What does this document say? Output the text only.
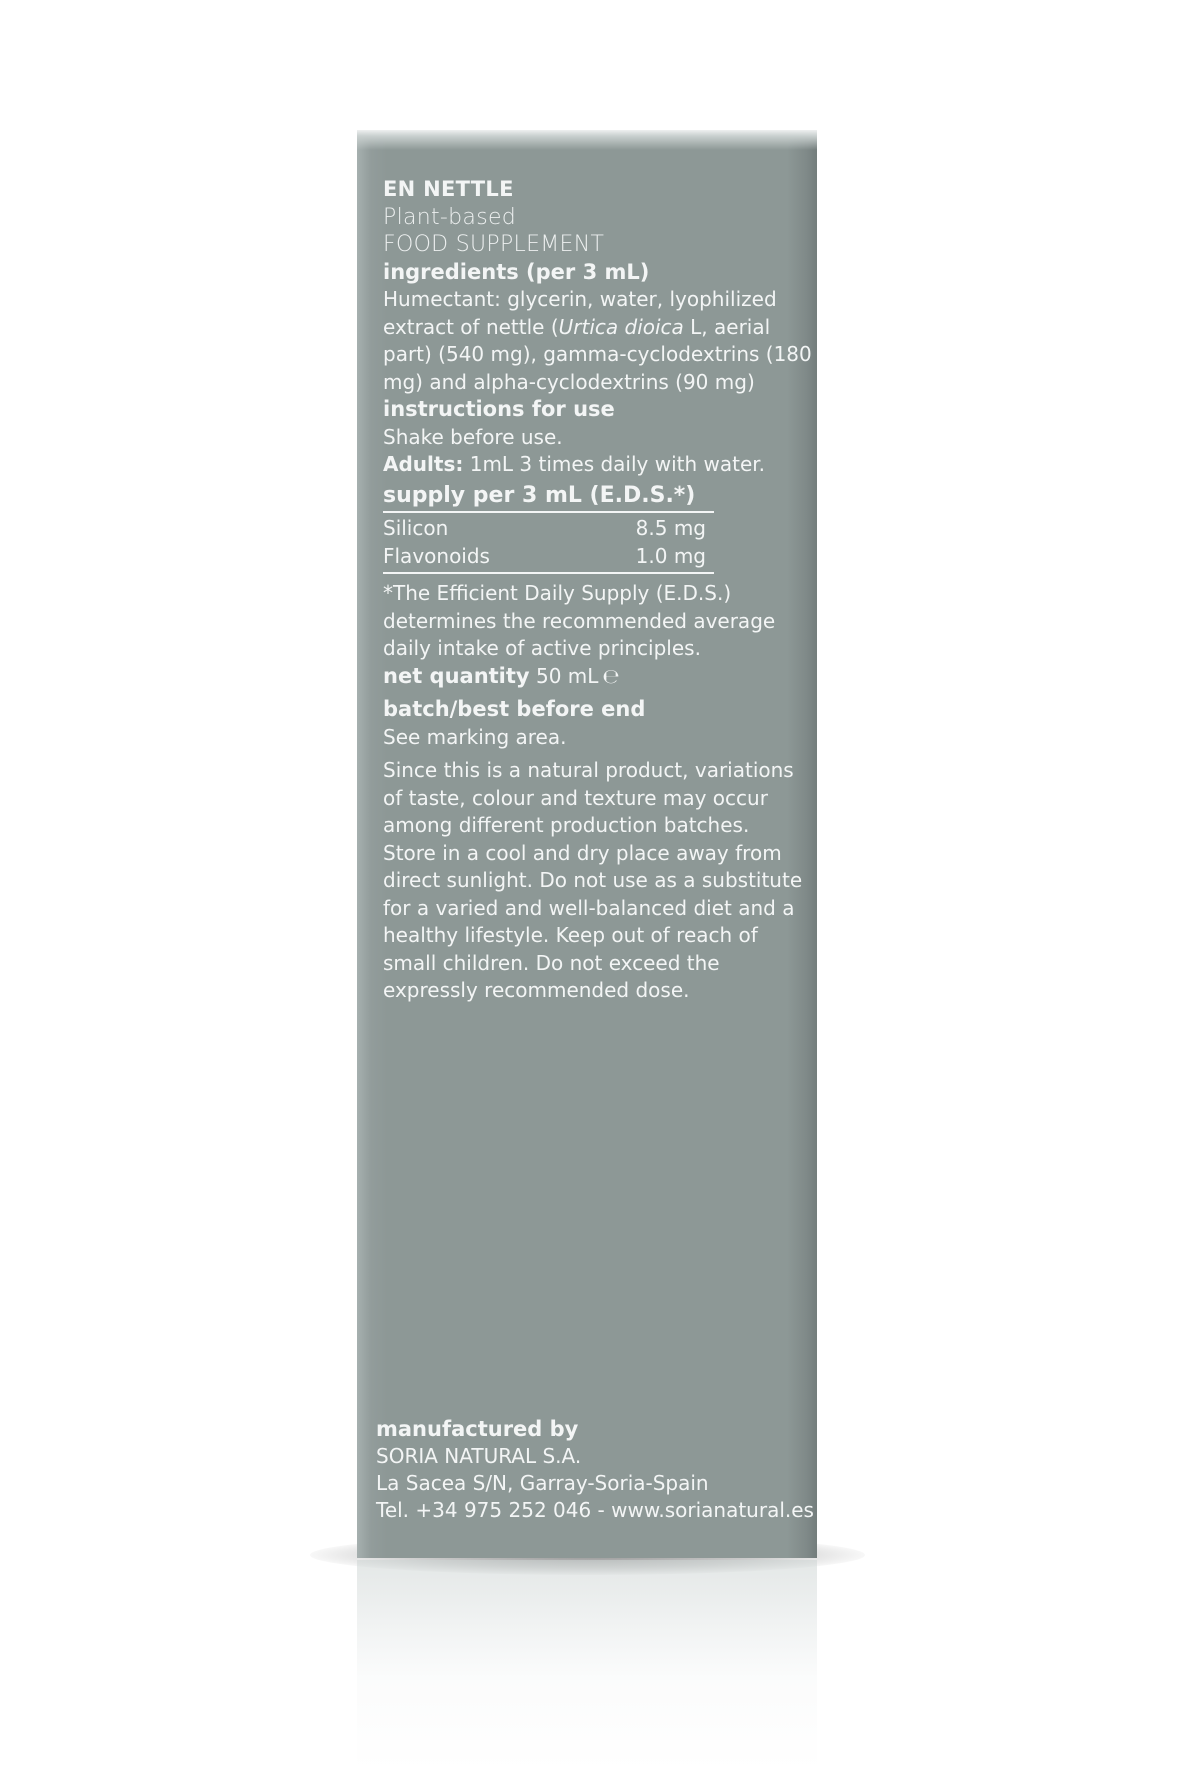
EN NETTLE
Plant-based
FOOD SUPPLEMENT
ingredients (per 3 mL)
Humectant: glycerin, water, lyophilized
extract of nettle (Urtica dioica L, aerial
part) (540 mg), gamma-cyclodextrins (180
mg) and alpha-cyclodextrins (90 mg)
instructions for use
Shake before use.
Adults: 1mL 3 times daily with water.
supply per 3 mL (E.D.S.*)
Silicon	8.5 mg
Flavonoids	1.0 mg
*The Efficient Daily Supply (E.D.S.)
determines the recommended average
daily intake of active principles.
net quantity 50 mL ℮
batch/best before end
See marking area.
Since this is a natural product, variations
of taste, colour and texture may occur
among different production batches.
Store in a cool and dry place away from
direct sunlight. Do not use as a substitute
for a varied and well-balanced diet and a
healthy lifestyle. Keep out of reach of
small children. Do not exceed the
expressly recommended dose.
manufactured by
SORIA NATURAL S.A.
La Sacea S/N, Garray-Soria-Spain
Tel. +34 975 252 046 - www.sorianatural.es
